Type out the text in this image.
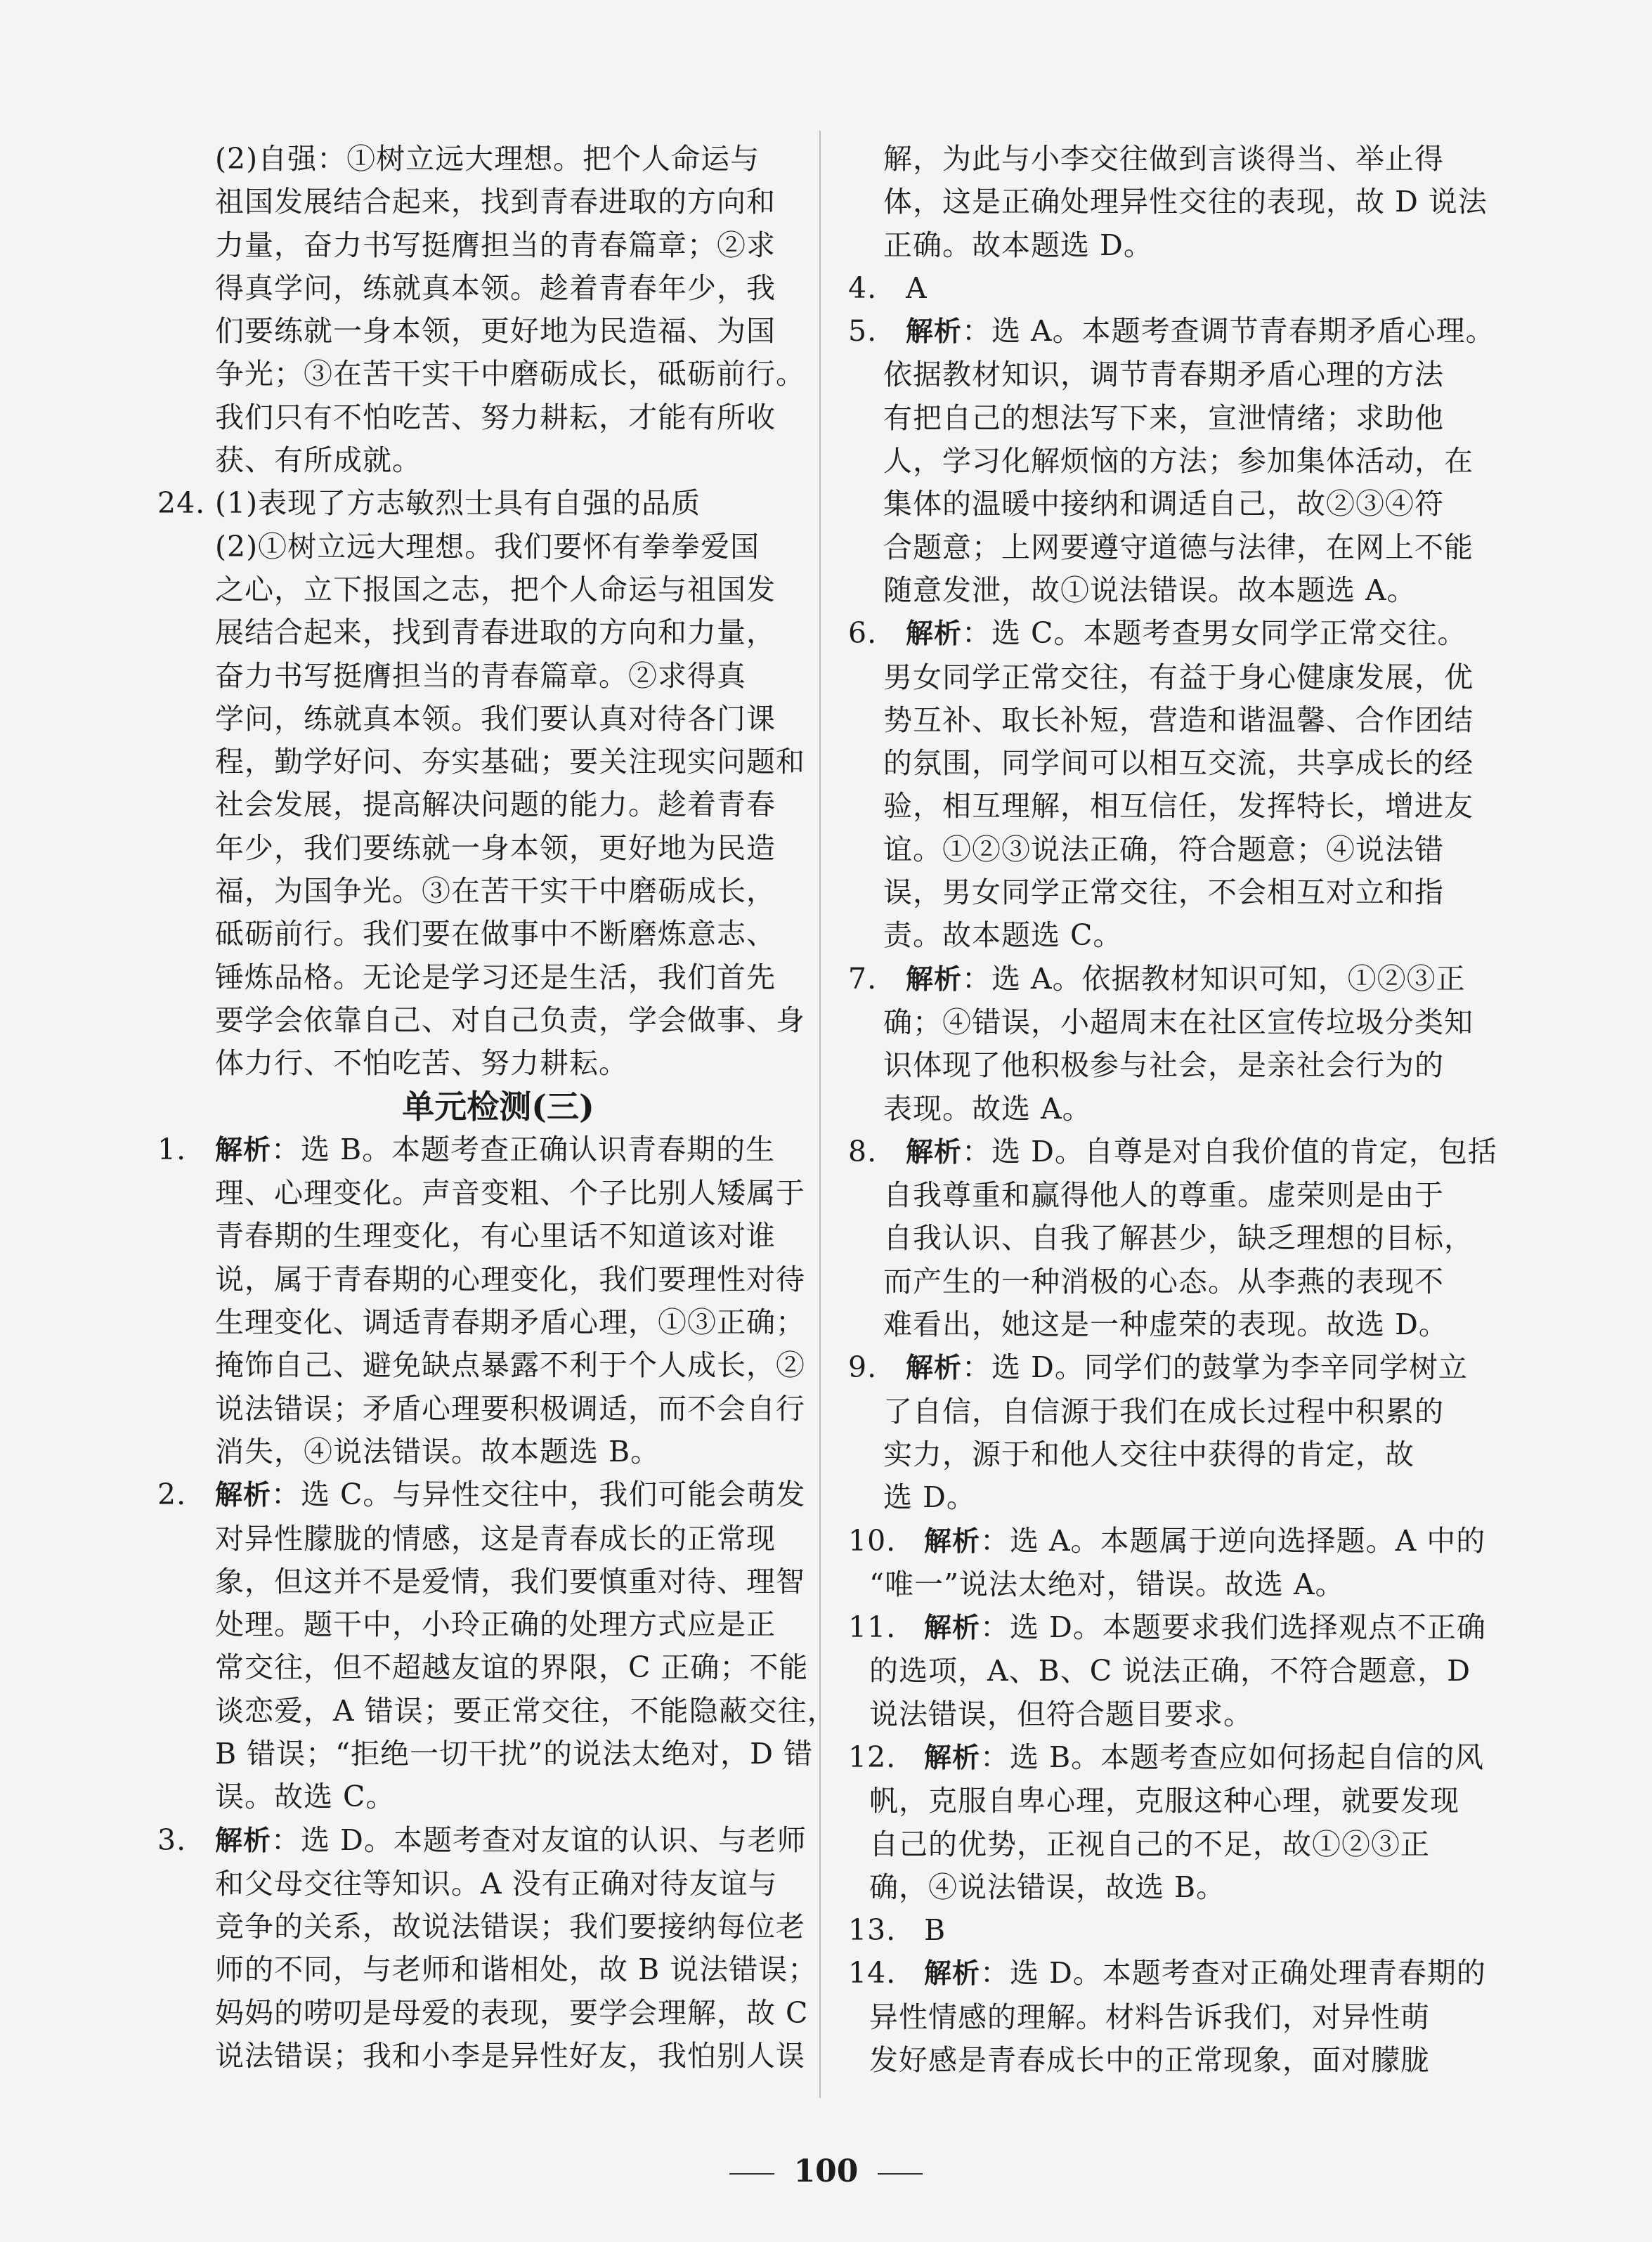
(2)自强：①树立远大理想。把个人命运与
祖国发展结合起来，找到青春进取的方向和
力量，奋力书写挺膺担当的青春篇章；②求
得真学问，练就真本领。趁着青春年少，我
们要练就一身本领，更好地为民造福、为国
争光；③在苦干实干中磨砺成长，砥砺前行。
我们只有不怕吃苦、努力耕耘，才能有所收
获、有所成就。
24. (1)表现了方志敏烈士具有自强的品质
(2)①树立远大理想。我们要怀有拳拳爱国
之心，立下报国之志，把个人命运与祖国发
展结合起来，找到青春进取的方向和力量，
奋力书写挺膺担当的青春篇章。②求得真
学问，练就真本领。我们要认真对待各门课
程，勤学好问、夯实基础；要关注现实问题和
社会发展，提高解决问题的能力。趁着青春
年少，我们要练就一身本领，更好地为民造
福，为国争光。③在苦干实干中磨砺成长，
砥砺前行。我们要在做事中不断磨炼意志、
锤炼品格。无论是学习还是生活，我们首先
要学会依靠自己、对自己负责，学会做事、身
体力行、不怕吃苦、努力耕耘。
单元检测(三)
1. 解析：选 B。本题考查正确认识青春期的生
理、心理变化。声音变粗、个子比别人矮属于
青春期的生理变化，有心里话不知道该对谁
说，属于青春期的心理变化，我们要理性对待
生理变化、调适青春期矛盾心理，①③正确；
掩饰自己、避免缺点暴露不利于个人成长，②
说法错误；矛盾心理要积极调适，而不会自行
消失，④说法错误。故本题选 B。
2. 解析：选 C。与异性交往中，我们可能会萌发
对异性朦胧的情感，这是青春成长的正常现
象，但这并不是爱情，我们要慎重对待、理智
处理。题干中，小玲正确的处理方式应是正
常交往，但不超越友谊的界限，C 正确；不能
谈恋爱，A 错误；要正常交往，不能隐蔽交往，
B 错误；“拒绝一切干扰”的说法太绝对，D 错
误。故选 C。
3. 解析：选 D。本题考查对友谊的认识、与老师
和父母交往等知识。A 没有正确对待友谊与
竞争的关系，故说法错误；我们要接纳每位老
师的不同，与老师和谐相处，故 B 说法错误；
妈妈的唠叨是母爱的表现，要学会理解，故 C
说法错误；我和小李是异性好友，我怕别人误
解，为此与小李交往做到言谈得当、举止得
体，这是正确处理异性交往的表现，故 D 说法
正确。故本题选 D。
4. A
5. 解析：选 A。本题考查调节青春期矛盾心理。
依据教材知识，调节青春期矛盾心理的方法
有把自己的想法写下来，宣泄情绪；求助他
人，学习化解烦恼的方法；参加集体活动，在
集体的温暖中接纳和调适自己，故②③④符
合题意；上网要遵守道德与法律，在网上不能
随意发泄，故①说法错误。故本题选 A。
6. 解析：选 C。本题考查男女同学正常交往。
男女同学正常交往，有益于身心健康发展，优
势互补、取长补短，营造和谐温馨、合作团结
的氛围，同学间可以相互交流，共享成长的经
验，相互理解，相互信任，发挥特长，增进友
谊。①②③说法正确，符合题意；④说法错
误，男女同学正常交往，不会相互对立和指
责。故本题选 C。
7. 解析：选 A。依据教材知识可知，①②③正
确；④错误，小超周末在社区宣传垃圾分类知
识体现了他积极参与社会，是亲社会行为的
表现。故选 A。
8. 解析：选 D。自尊是对自我价值的肯定，包括
自我尊重和赢得他人的尊重。虚荣则是由于
自我认识、自我了解甚少，缺乏理想的目标，
而产生的一种消极的心态。从李燕的表现不
难看出，她这是一种虚荣的表现。故选 D。
9. 解析：选 D。同学们的鼓掌为李辛同学树立
了自信，自信源于我们在成长过程中积累的
实力，源于和他人交往中获得的肯定，故
选 D。
10. 解析：选 A。本题属于逆向选择题。A 中的
“唯一”说法太绝对，错误。故选 A。
11. 解析：选 D。本题要求我们选择观点不正确
的选项，A、B、C 说法正确，不符合题意，D
说法错误，但符合题目要求。
12. 解析：选 B。本题考查应如何扬起自信的风
帆，克服自卑心理，克服这种心理，就要发现
自己的优势，正视自己的不足，故①②③正
确，④说法错误，故选 B。
13. B
14. 解析：选 D。本题考查对正确处理青春期的
异性情感的理解。材料告诉我们，对异性萌
发好感是青春成长中的正常现象，面对朦胧
100
